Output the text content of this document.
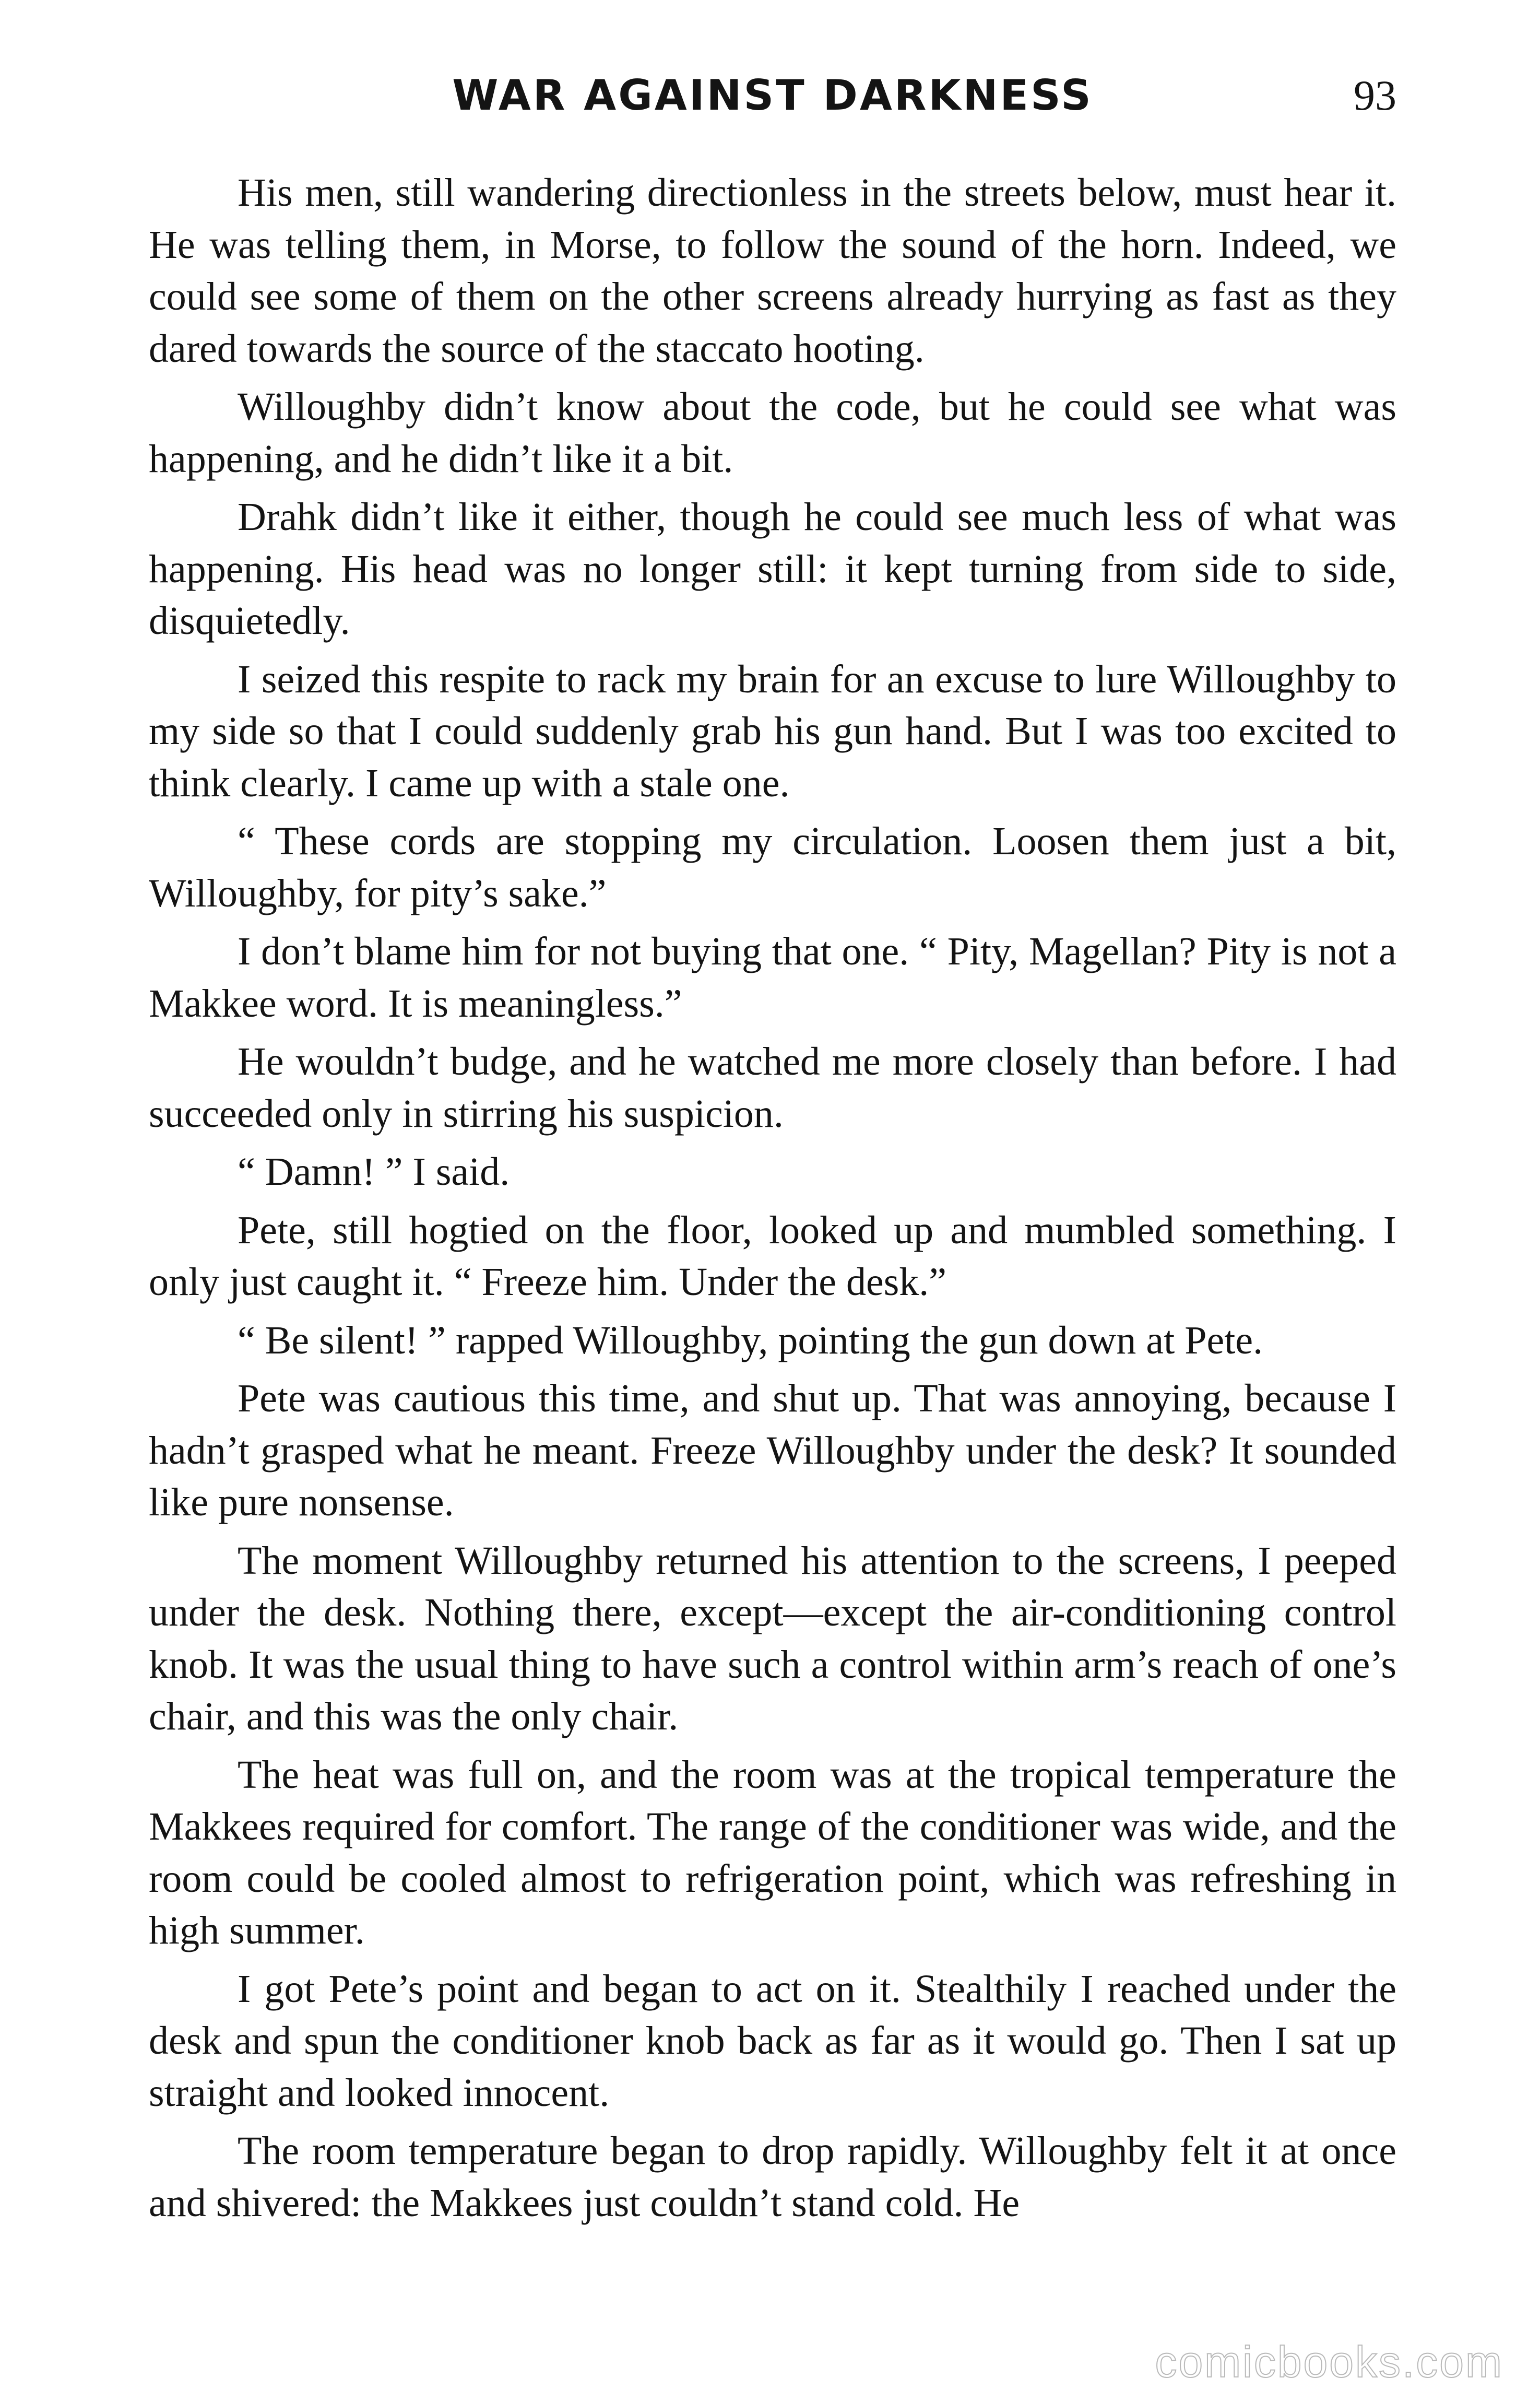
WAR AGAINST DARKNESS	93

His men, still wandering directionless in the streets below, must hear it. He was telling them, in Morse, to follow the sound of the horn. Indeed, we could see some of them on the other screens already hurrying as fast as they dared towards the source of the staccato hooting.

Willoughby didn’t know about the code, but he could see what was happening, and he didn’t like it a bit.

Drahk didn’t like it either, though he could see much less of what was happening. His head was no longer still: it kept turning from side to side, disquietedly.

I seized this respite to rack my brain for an excuse to lure Willoughby to my side so that I could suddenly grab his gun hand. But I was too excited to think clearly. I came up with a stale one.

“ These cords are stopping my circulation. Loosen them just a bit, Willoughby, for pity’s sake.”

I don’t blame him for not buying that one. “ Pity, Magellan? Pity is not a Makkee word. It is meaningless.”

He wouldn’t budge, and he watched me more closely than before. I had succeeded only in stirring his suspicion.

“ Damn! ” I said.

Pete, still hogtied on the floor, looked up and mumbled something. I only just caught it. “ Freeze him. Under the desk.”

“ Be silent! ” rapped Willoughby, pointing the gun down at Pete.

Pete was cautious this time, and shut up. That was annoying, because I hadn’t grasped what he meant. Freeze Willoughby under the desk? It sounded like pure nonsense.

The moment Willoughby returned his attention to the screens, I peeped under the desk. Nothing there, except—except the air-conditioning control knob. It was the usual thing to have such a control within arm’s reach of one’s chair, and this was the only chair.

The heat was full on, and the room was at the tropical temperature the Makkees required for comfort. The range of the conditioner was wide, and the room could be cooled almost to refrigeration point, which was refreshing in high summer.

I got Pete’s point and began to act on it. Stealthily I reached under the desk and spun the conditioner knob back as far as it would go. Then I sat up straight and looked innocent.

The room temperature began to drop rapidly. Willoughby felt it at once and shivered: the Makkees just couldn’t stand cold. He

comicbooks.com
